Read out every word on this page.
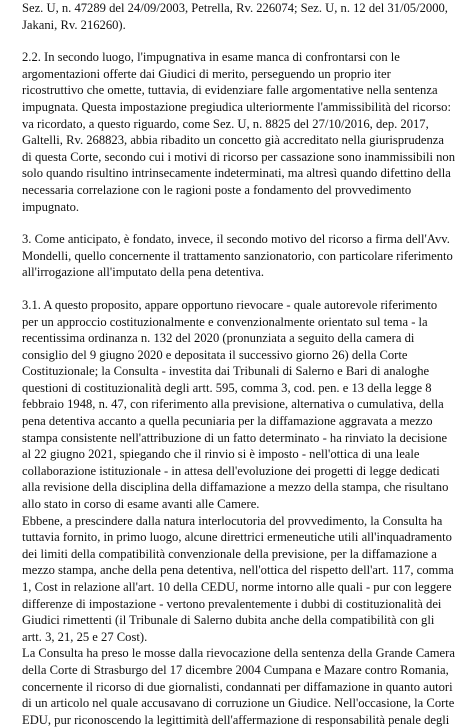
Sez. U, n. 47289 del 24/09/2003, Petrella, Rv. 226074; Sez. U, n. 12 del 31/05/2000,
Jakani, Rv. 216260).

2.2. In secondo luogo, l'impugnativa in esame manca di confrontarsi con le
argomentazioni offerte dai Giudici di merito, perseguendo un proprio iter
ricostruttivo che omette, tuttavia, di evidenziare falle argomentative nella sentenza
impugnata. Questa impostazione pregiudica ulteriormente l'ammissibilità del ricorso:
va ricordato, a questo riguardo, come Sez. U, n. 8825 del 27/10/2016, dep. 2017,
Galtelli, Rv. 268823, abbia ribadito un concetto già accreditato nella giurisprudenza
di questa Corte, secondo cui i motivi di ricorso per cassazione sono inammissibili non
solo quando risultino intrinsecamente indeterminati, ma altresì quando difettino della
necessaria correlazione con le ragioni poste a fondamento del provvedimento
impugnato.

3. Come anticipato, è fondato, invece, il secondo motivo del ricorso a firma dell'Avv.
Mondelli, quello concernente il trattamento sanzionatorio, con particolare riferimento
all'irrogazione all'imputato della pena detentiva.

3.1. A questo proposito, appare opportuno rievocare - quale autorevole riferimento
per un approccio costituzionalmente e convenzionalmente orientato sul tema - la
recentissima ordinanza n. 132 del 2020 (pronunziata a seguito della camera di
consiglio del 9 giugno 2020 e depositata il successivo giorno 26) della Corte
Costituzionale; la Consulta - investita dai Tribunali di Salerno e Bari di analoghe
questioni di costituzionalità degli artt. 595, comma 3, cod. pen. e 13 della legge 8
febbraio 1948, n. 47, con riferimento alla previsione, alternativa o cumulativa, della
pena detentiva accanto a quella pecuniaria per la diffamazione aggravata a mezzo
stampa consistente nell'attribuzione di un fatto determinato - ha rinviato la decisione
al 22 giugno 2021, spiegando che il rinvio si è imposto - nell'ottica di una leale
collaborazione istituzionale - in attesa dell'evoluzione dei progetti di legge dedicati
alla revisione della disciplina della diffamazione a mezzo della stampa, che risultano
allo stato in corso di esame avanti alle Camere.
Ebbene, a prescindere dalla natura interlocutoria del provvedimento, la Consulta ha
tuttavia fornito, in primo luogo, alcune direttrici ermeneutiche utili all'inquadramento
dei limiti della compatibilità convenzionale della previsione, per la diffamazione a
mezzo stampa, anche della pena detentiva, nell'ottica del rispetto dell'art. 117, comma
1, Cost in relazione all'art. 10 della CEDU, norme intorno alle quali - pur con leggere
differenze di impostazione - vertono prevalentemente i dubbi di costituzionalità dei
Giudici rimettenti (il Tribunale di Salerno dubita anche della compatibilità con gli
artt. 3, 21, 25 e 27 Cost).
La Consulta ha preso le mosse dalla rievocazione della sentenza della Grande Camera
della Corte di Strasburgo del 17 dicembre 2004 Cumpana e Mazare contro Romania,
concernente il ricorso di due giornalisti, condannati per diffamazione in quanto autori
di un articolo nel quale accusavano di corruzione un Giudice. Nell'occasione, la Corte
EDU, pur riconoscendo la legittimità dell'affermazione di responsabilità penale degli
